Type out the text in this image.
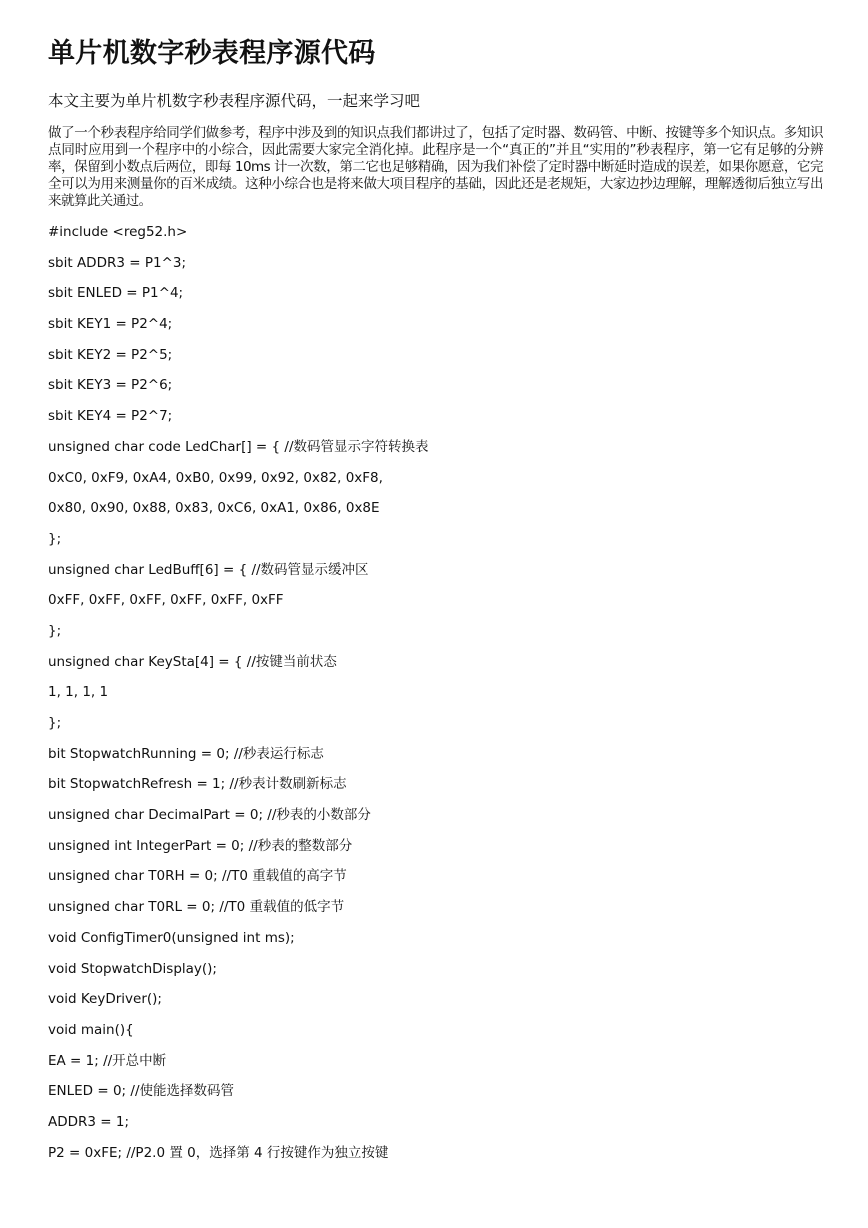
单片机数字秒表程序源代码

本文主要为单片机数字秒表程序源代码，一起来学习吧

做了一个秒表程序给同学们做参考，程序中涉及到的知识点我们都讲过了，包括了定时器、数码管、中断、按键等多个知识点。多知识点同时应用到一个程序中的小综合，因此需要大家完全消化掉。此程序是一个“真正的”并且“实用的”秒表程序，第一它有足够的分辨率，保留到小数点后两位，即每 10ms 计一次数，第二它也足够精确，因为我们补偿了定时器中断延时造成的误差，如果你愿意，它完全可以为用来测量你的百米成绩。这种小综合也是将来做大项目程序的基础，因此还是老规矩，大家边抄边理解，理解透彻后独立写出来就算此关通过。

#include <reg52.h>
sbit ADDR3 = P1^3;
sbit ENLED = P1^4;
sbit KEY1 = P2^4;
sbit KEY2 = P2^5;
sbit KEY3 = P2^6;
sbit KEY4 = P2^7;
unsigned char code LedChar[] = { //数码管显示字符转换表
0xC0, 0xF9, 0xA4, 0xB0, 0x99, 0x92, 0x82, 0xF8,
0x80, 0x90, 0x88, 0x83, 0xC6, 0xA1, 0x86, 0x8E
};
unsigned char LedBuff[6] = { //数码管显示缓冲区
0xFF, 0xFF, 0xFF, 0xFF, 0xFF, 0xFF
};
unsigned char KeySta[4] = { //按键当前状态
1, 1, 1, 1
};
bit StopwatchRunning = 0; //秒表运行标志
bit StopwatchRefresh = 1; //秒表计数刷新标志
unsigned char DecimalPart = 0; //秒表的小数部分
unsigned int IntegerPart = 0; //秒表的整数部分
unsigned char T0RH = 0; //T0 重载值的高字节
unsigned char T0RL = 0; //T0 重载值的低字节
void ConfigTimer0(unsigned int ms);
void StopwatchDisplay();
void KeyDriver();
void main(){
EA = 1; //开总中断
ENLED = 0; //使能选择数码管
ADDR3 = 1;
P2 = 0xFE; //P2.0 置 0，选择第 4 行按键作为独立按键
